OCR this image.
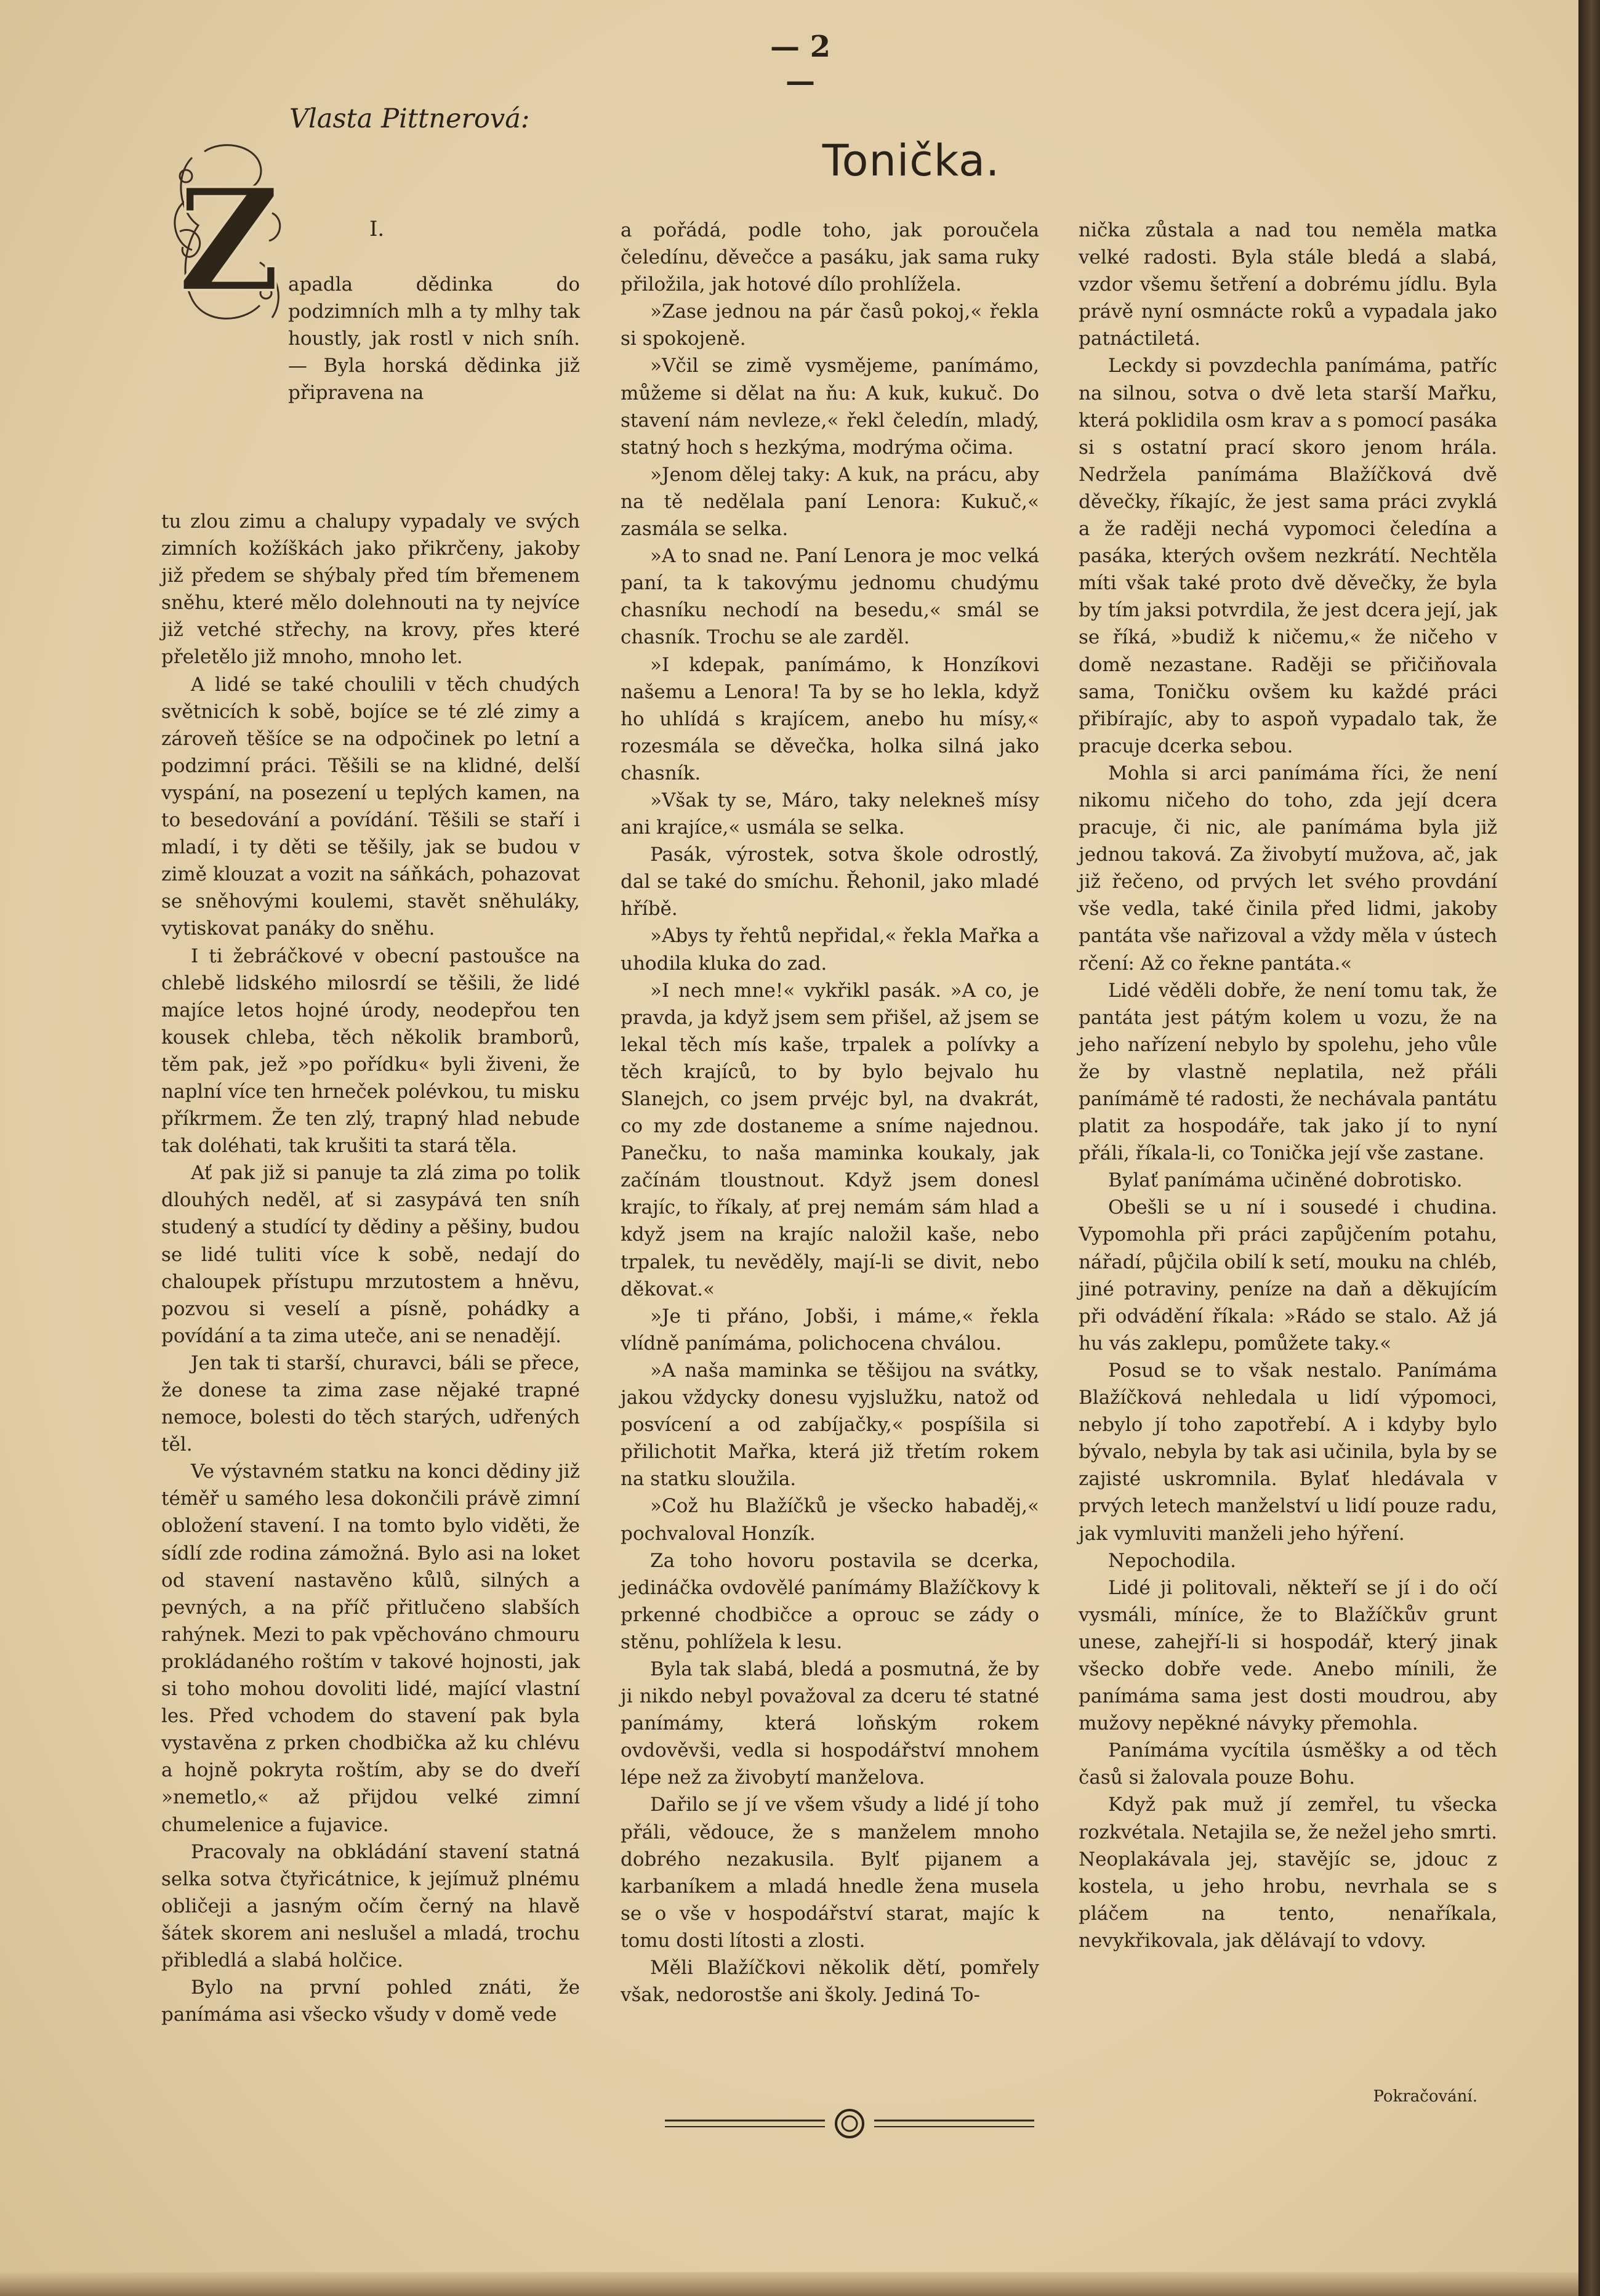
— 2 —
Vlasta Pittnerová:
Tonička.
Z	I.
apadla dědinka do podzimních mlh a ty mlhy tak houstly, jak rostl v nich sníh. — Byla horská dědinka již připravena na

tu zlou zimu a chalupy vypadaly ve svých zimních kožíškách jako přikrčeny, jakoby již předem se shýbaly před tím břemenem sněhu, které mělo dolehnouti na ty nejvíce již vetché střechy, na krovy, přes které přeletělo již mnoho, mnoho let.

A lidé se také choulili v těch chudých světnicích k sobě, bojíce se té zlé zimy a zároveň těšíce se na odpočinek po letní a podzimní práci. Těšili se na klidné, delší vyspání, na posezení u teplých kamen, na to besedování a povídání. Těšili se staří i mladí, i ty děti se těšily, jak se budou v zimě klouzat a vozit na sáňkách, pohazovat se sněhovými koulemi, stavět sněhuláky, vytiskovat panáky do sněhu.

I ti žebráčkové v obecní pastoušce na chlebě lidského milosrdí se těšili, že lidé majíce letos hojné úrody, neodepřou ten kousek chleba, těch několik bramborů, těm pak, jež »po pořídku« byli živeni, že naplní více ten hrneček polévkou, tu misku příkrmem. Že ten zlý, trapný hlad nebude tak doléhati, tak krušiti ta stará těla.

Ať pak již si panuje ta zlá zima po tolik dlouhých neděl, ať si zasypává ten sníh studený a studící ty dědiny a pěšiny, budou se lidé tuliti více k sobě, nedají do chaloupek přístupu mrzutostem a hněvu, pozvou si veselí a písně, pohádky a povídání a ta zima uteče, ani se nenadějí.

Jen tak ti starší, churavci, báli se přece, že donese ta zima zase nějaké trapné nemoce, bolesti do těch starých, udřených těl.

Ve výstavném statku na konci dědiny již téměř u samého lesa dokončili právě zimní obložení stavení. I na tomto bylo viděti, že sídlí zde rodina zámožná. Bylo asi na loket od stavení nastavěno kůlů, silných a pevných, a na příč přitlučeno slabších rahýnek. Mezi to pak vpěchováno chmouru prokládaného roštím v takové hojnosti, jak si toho mohou dovoliti lidé, mající vlastní les. Před vchodem do stavení pak byla vystavěna z prken chodbička až ku chlévu a hojně pokryta roštím, aby se do dveří »nemetlo,« až přijdou velké zimní chumelenice a fujavice.

Pracovaly na obkládání stavení statná selka sotva čtyřicátnice, k jejímuž plnému obličeji a jasným očím černý na hlavě šátek skorem ani neslušel a mladá, trochu přibledlá a slabá holčice.

Bylo na první pohled znáti, že panímáma asi všecko všudy v domě vede

a pořádá, podle toho, jak poroučela čeledínu, děvečce a pasáku, jak sama ruky přiložila, jak hotové dílo prohlížela.

»Zase jednou na pár časů pokoj,« řekla si spokojeně.

»Včil se zimě vysmějeme, panímámo, můžeme si dělat na ňu: A kuk, kukuč. Do stavení nám nevleze,« řekl čeledín, mladý, statný hoch s hezkýma, modrýma očima.

»Jenom dělej taky: A kuk, na prácu, aby na tě nedělala paní Lenora: Kukuč,« zasmála se selka.

»A to snad ne. Paní Lenora je moc velká paní, ta k takovýmu jednomu chudýmu chasníku nechodí na besedu,« smál se chasník. Trochu se ale zarděl.

»I kdepak, panímámo, k Honzíkovi našemu a Lenora! Ta by se ho lekla, když ho uhlídá s krajícem, anebo hu mísy,« rozesmála se děvečka, holka silná jako chasník.

»Však ty se, Máro, taky nelekneš mísy ani krajíce,« usmála se selka.

Pasák, výrostek, sotva škole odrostlý, dal se také do smíchu. Řehonil, jako mladé hříbě.

»Abys ty řehtů nepřidal,« řekla Mařka a uhodila kluka do zad.

»I nech mne!« vykřikl pasák. »A co, je pravda, ja když jsem sem přišel, až jsem se lekal těch mís kaše, trpalek a polívky a těch krajíců, to by bylo bejvalo hu Slanejch, co jsem prvéjc byl, na dvakrát, co my zde dostaneme a sníme najednou. Panečku, to naša maminka koukaly, jak začínám tloustnout. Když jsem donesl krajíc, to říkaly, ať prej nemám sám hlad a když jsem na krajíc naložil kaše, nebo trpalek, tu nevěděly, mají-li se divit, nebo děkovat.«

»Je ti přáno, Jobši, i máme,« řekla vlídně panímáma, polichocena chválou.

»A naša maminka se těšijou na svátky, jakou vždycky donesu vyjslužku, natož od posvícení a od zabíjačky,« pospíšila si přilichotit Mařka, která již třetím rokem na statku sloužila.

»Což hu Blažíčků je všecko habaděj,« pochvaloval Honzík.

Za toho hovoru postavila se dcerka, jedináčka ovdovělé panímámy Blažíčkovy k prkenné chodbičce a oprouc se zády o stěnu, pohlížela k lesu.

Byla tak slabá, bledá a posmutná, že by ji nikdo nebyl považoval za dceru té statné panímámy, která loňským rokem ovdověvši, vedla si hospodářství mnohem lépe než za živobytí manželova.

Dařilo se jí ve všem všudy a lidé jí toho přáli, vědouce, že s manželem mnoho dobrého nezakusila. Bylť pijanem a karbaníkem a mladá hnedle žena musela se o vše v hospodářství starat, majíc k tomu dosti lítosti a zlosti.

Měli Blažíčkovi několik dětí, pomřely však, nedorostše ani školy. Jediná To-

nička zůstala a nad tou neměla matka velké radosti. Byla stále bledá a slabá, vzdor všemu šetření a dobrému jídlu. Byla právě nyní osmnácte roků a vypadala jako patnáctiletá.

Leckdy si povzdechla panímáma, patříc na silnou, sotva o dvě leta starší Mařku, která poklidila osm krav a s pomocí pasáka si s ostatní prací skoro jenom hrála. Nedržela panímáma Blažíčková dvě děvečky, říkajíc, že jest sama práci zvyklá a že raději nechá vypomoci čeledína a pasáka, kterých ovšem nezkrátí. Nechtěla míti však také proto dvě děvečky, že byla by tím jaksi potvrdila, že jest dcera její, jak se říká, »budiž k ničemu,« že ničeho v domě nezastane. Raději se přičiňovala sama, Toničku ovšem ku každé práci přibírajíc, aby to aspoň vypadalo tak, že pracuje dcerka sebou.

Mohla si arci panímáma říci, že není nikomu ničeho do toho, zda její dcera pracuje, či nic, ale panímáma byla již jednou taková. Za živobytí mužova, ač, jak již řečeno, od prvých let svého provdání vše vedla, také činila před lidmi, jakoby pantáta vše nařizoval a vždy měla v ústech rčení: Až co řekne pantáta.«

Lidé věděli dobře, že není tomu tak, že pantáta jest pátým kolem u vozu, že na jeho nařízení nebylo by spolehu, jeho vůle že by vlastně neplatila, než přáli panímámě té radosti, že nechávala pantátu platit za hospodáře, tak jako jí to nyní přáli, říkala-li, co Tonička její vše zastane.

Bylať panímáma učiněné dobrotisko.

Obešli se u ní i sousedé i chudina. Vypomohla při práci zapůjčením potahu, nářadí, půjčila obilí k setí, mouku na chléb, jiné potraviny, peníze na daň a děkujícím při odvádění říkala: »Rádo se stalo. Až já hu vás zaklepu, pomůžete taky.«

Posud se to však nestalo. Panímáma Blažíčková nehledala u lidí výpomoci, nebylo jí toho zapotřebí. A i kdyby bylo bývalo, nebyla by tak asi učinila, byla by se zajisté uskromnila. Bylať hledávala v prvých letech manželství u lidí pouze radu, jak vymluviti manželi jeho hýření.

Nepochodila.

Lidé ji politovali, někteří se jí i do očí vysmáli, míníce, že to Blažíčkův grunt unese, zahejří-li si hospodář, který jinak všecko dobře vede. Anebo mínili, že panímáma sama jest dosti moudrou, aby mužovy nepěkné návyky přemohla.

Panímáma vycítila úsměšky a od těch časů si žalovala pouze Bohu.

Když pak muž jí zemřel, tu všecka rozkvétala. Netajila se, že nežel jeho smrti. Neoplakávala jej, stavějíc se, jdouc z kostela, u jeho hrobu, nevrhala se s pláčem na tento, nenaříkala, nevykřikovala, jak dělávají to vdovy.

Pokračování.
